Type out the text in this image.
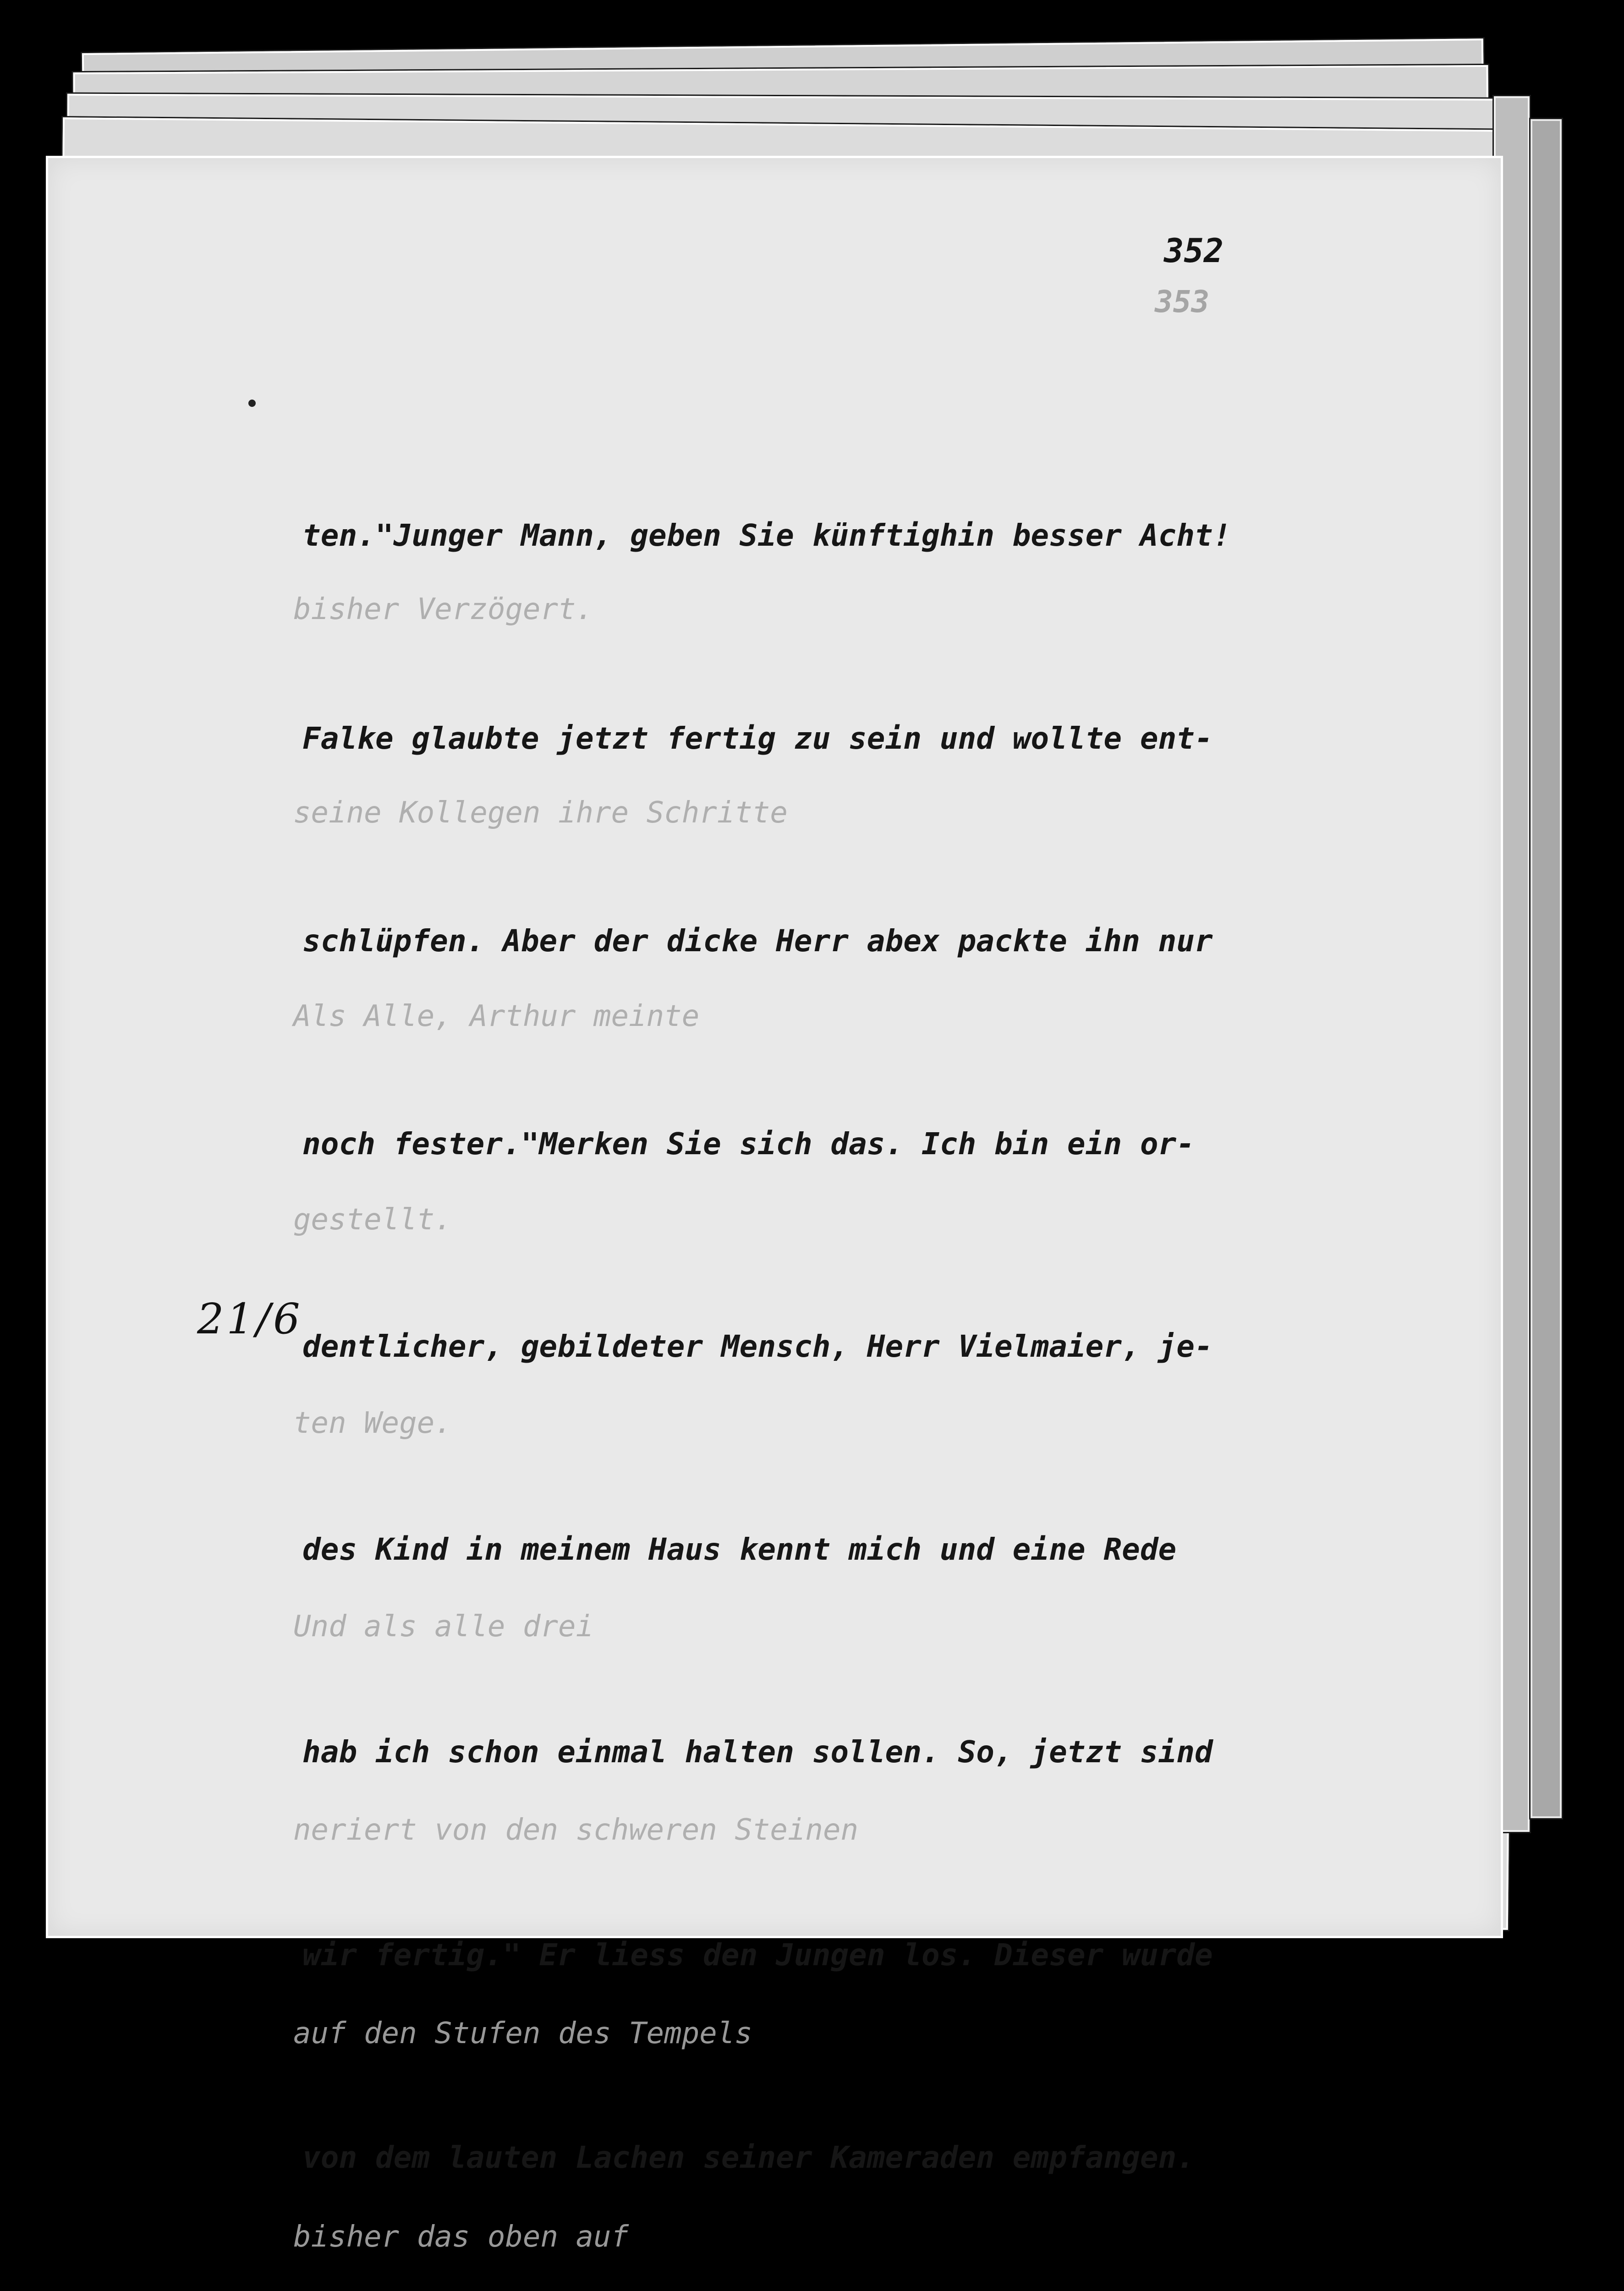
353

bisher Verzögert.

seine Kollegen ihre Schritte

Als Alle, Arthur meinte

gestellt.

ten Wege.

Und als alle drei

neriert von den schweren Steinen

auf den Stufen des Tempels

bisher das oben auf

352
21/6

ten."Junger Mann, geben Sie künftighin besser Acht!

Falke glaubte jetzt fertig zu sein und wollte ent-

schlüpfen. Aber der dicke Herr abex packte ihn nur

noch fester."Merken Sie sich das. Ich bin ein or-

dentlicher, gebildeter Mensch, Herr Vielmaier, je-

des Kind in meinem Haus kennt mich und eine Rede

hab ich schon einmal halten sollen. So, jetzt sind

wir fertig." Er liess den Jungen los. Dieser wurde

von dem lauten Lachen seiner Kameraden empfangen.
